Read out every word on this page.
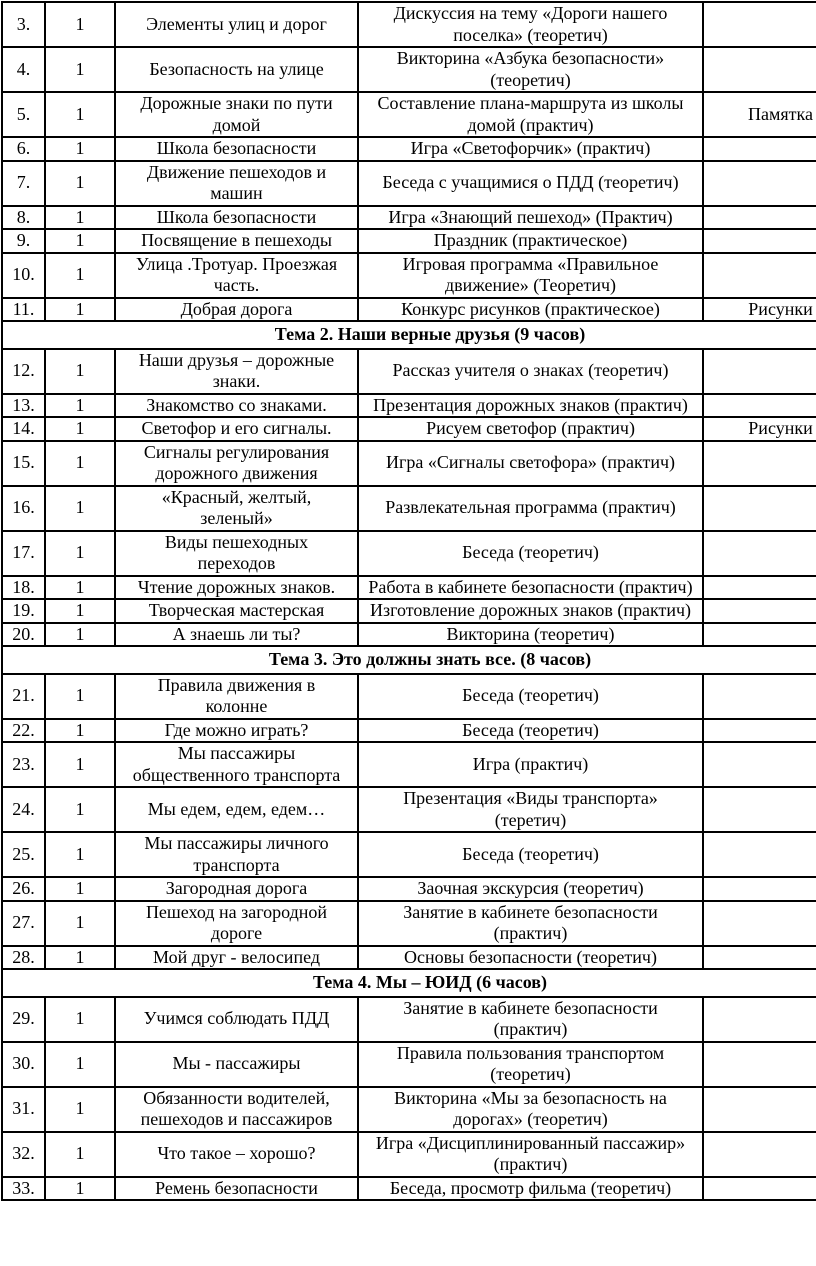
3.	1	Элементы улиц и дорог	Дискуссия на тему «Дороги нашего поселка» (теоретич)	
4.	1	Безопасность на улице	Викторина «Азбука безопасности» (теоретич)	
5.	1	Дорожные знаки по пути домой	Составление плана-маршрута из школы домой (практич)	Памятка
6.	1	Школа безопасности	Игра «Светофорчик» (практич)	
7.	1	Движение пешеходов и машин	Беседа с учащимися о ПДД (теоретич)	
8.	1	Школа безопасности	Игра «Знающий пешеход» (Практич)	
9.	1	Посвящение в пешеходы	Праздник (практическое)	
10.	1	Улица .Тротуар. Проезжая часть.	Игровая программа «Правильное движение» (Теоретич)	
11.	1	Добрая дорога	Конкурс рисунков (практическое)	Рисунки
Тема 2. Наши верные друзья (9 часов)				
12.	1	Наши друзья – дорожные знаки.	Рассказ учителя о знаках (теоретич)	
13.	1	Знакомство со знаками.	Презентация дорожных знаков (практич)	
14.	1	Светофор и его сигналы.	Рисуем светофор (практич)	Рисунки
15.	1	Сигналы регулирования дорожного движения	Игра «Сигналы светофора» (практич)	
16.	1	«Красный, желтый, зеленый»	Развлекательная программа (практич)	
17.	1	Виды пешеходных переходов	Беседа (теоретич)	
18.	1	Чтение дорожных знаков.	Работа в кабинете безопасности (практич)	
19.	1	Творческая мастерская	Изготовление дорожных знаков (практич)	
20.	1	А знаешь ли ты?	Викторина (теоретич)	
Тема 3. Это должны знать все. (8 часов)				
21.	1	Правила движения в колонне	Беседа (теоретич)	
22.	1	Где можно играть?	Беседа (теоретич)	
23.	1	Мы пассажиры общественного транспорта	Игра (практич)	
24.	1	Мы едем, едем, едем…	Презентация «Виды транспорта» (теретич)	
25.	1	Мы пассажиры личного транспорта	Беседа (теоретич)	
26.	1	Загородная дорога	Заочная экскурсия (теоретич)	
27.	1	Пешеход на загородной дороге	Занятие в кабинете безопасности (практич)	
28.	1	Мой друг - велосипед	Основы безопасности (теоретич)	
Тема 4. Мы – ЮИД (6 часов)				
29.	1	Учимся соблюдать ПДД	Занятие в кабинете безопасности (практич)	
30.	1	Мы - пассажиры	Правила пользования транспортом (теоретич)	
31.	1	Обязанности водителей, пешеходов и пассажиров	Викторина «Мы за безопасность на дорогах» (теоретич)	
32.	1	Что такое – хорошо?	Игра «Дисциплинированный пассажир» (практич)	
33.	1	Ремень безопасности	Беседа, просмотр фильма (теоретич)	
